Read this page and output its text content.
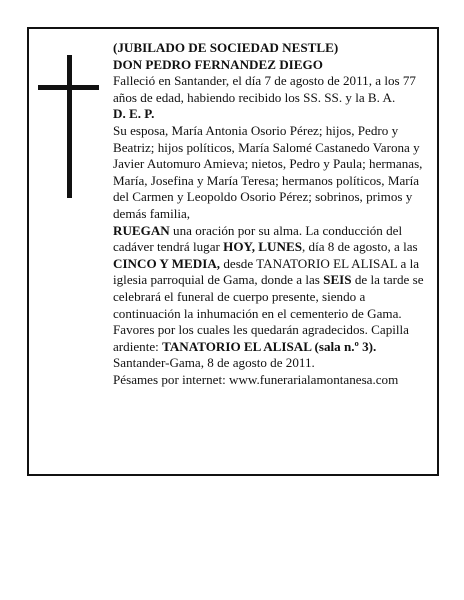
(JUBILADO DE SOCIEDAD NESTLE)

DON PEDRO FERNANDEZ DIEGO

Falleció en Santander, el día 7 de agosto de 2011, a los 77 años de edad, habiendo recibido los SS. SS. y la B. A.

D. E. P.

Su esposa, María Antonia Osorio Pérez; hijos, Pedro y Beatriz; hijos políticos, María Salomé Castanedo Varona y Javier Automuro Amieva; nietos, Pedro y Paula; hermanas, María, Josefina y María Teresa; hermanos políticos, María del Carmen y Leopoldo Osorio Pérez; sobrinos, primos y demás familia,

RUEGAN una oración por su alma. La conducción del cadáver tendrá lugar HOY, LUNES, día 8 de agosto, a las CINCO Y MEDIA, desde TANATORIO EL ALISAL a la iglesia parroquial de Gama, donde a las SEIS de la tarde se celebrará el funeral de cuerpo presente, siendo a continuación la inhumación en el cementerio de Gama. Favores por los cuales les quedarán agradecidos. Capilla ardiente: TANATORIO EL ALISAL (sala n.º 3).

Santander-Gama, 8 de agosto de 2011.

Pésames por internet: www.funerarialamontanesa.com
